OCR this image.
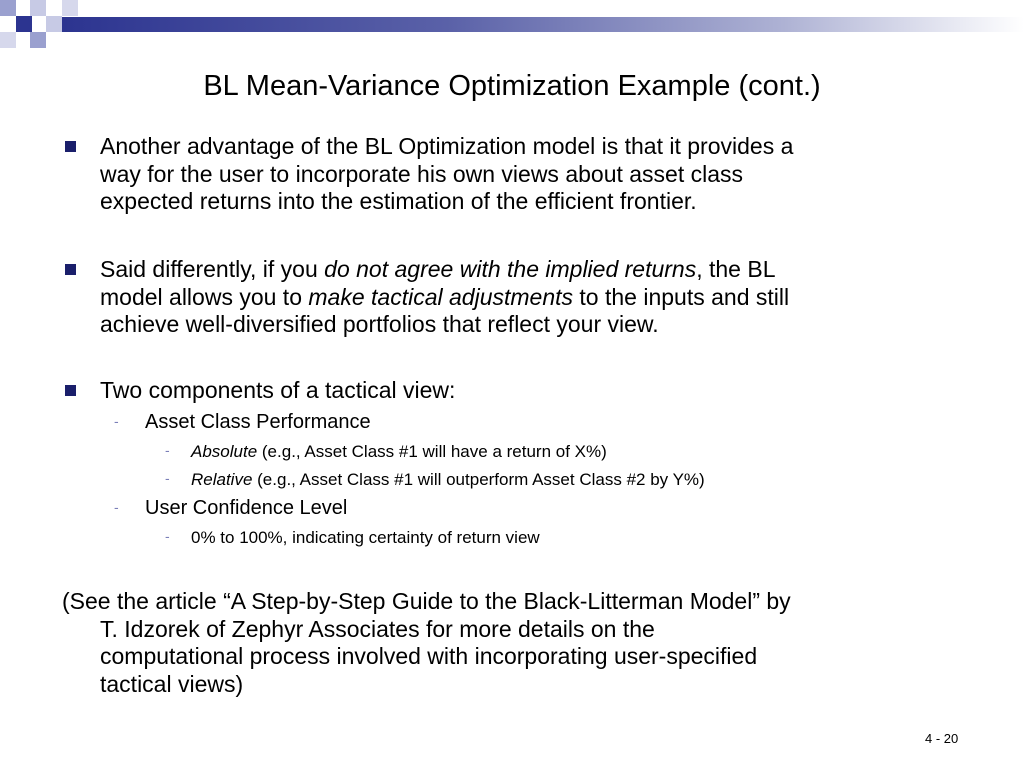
BL Mean-Variance Optimization Example (cont.)
Another advantage of the BL Optimization model is that it provides a
way for the user to incorporate his own views about asset class
expected returns into the estimation of the efficient frontier.
Said differently, if you do not agree with the implied returns, the BL
model allows you to make tactical adjustments to the inputs and still
achieve well-diversified portfolios that reflect your view.
Two components of a tactical view:
- Asset Class Performance
- Absolute (e.g., Asset Class #1 will have a return of X%)
- Relative (e.g., Asset Class #1 will outperform Asset Class #2 by Y%)
- User Confidence Level
- 0% to 100%, indicating certainty of return view
(See the article “A Step-by-Step Guide to the Black-Litterman Model” by
T. Idzorek of Zephyr Associates for more details on the
computational process involved with incorporating user-specified
tactical views)
4 - 20
